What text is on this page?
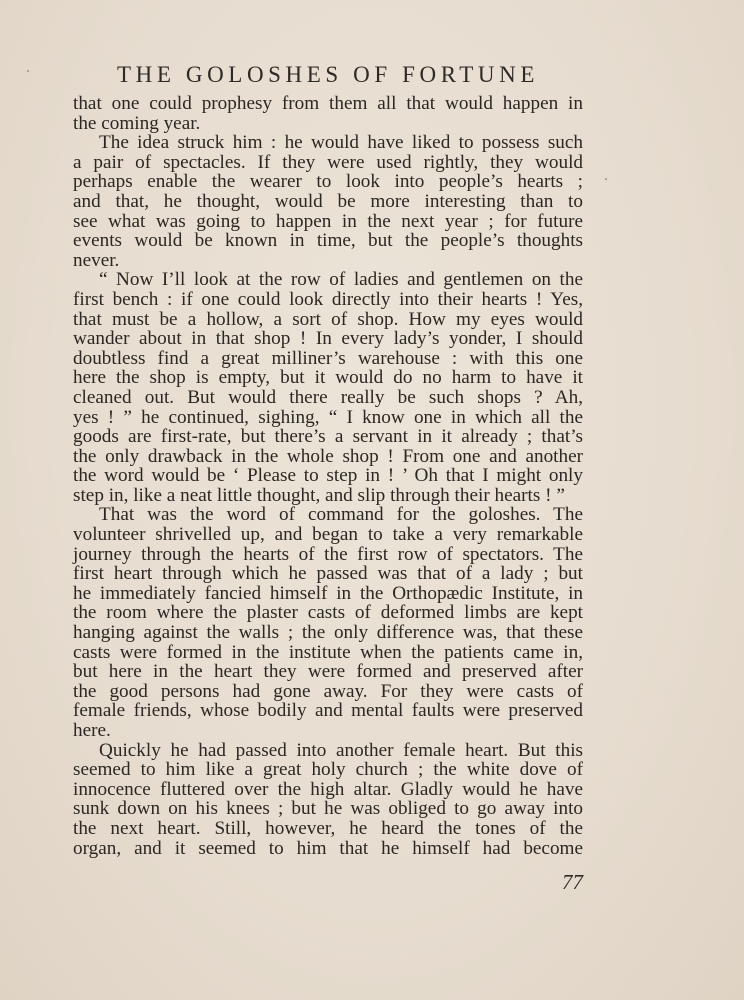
THE GOLOSHES OF FORTUNE
that one could prophesy from them all that would happen in
the coming year.
The idea struck him : he would have liked to possess such
a pair of spectacles. If they were used rightly, they would
perhaps enable the wearer to look into people’s hearts ;
and that, he thought, would be more interesting than to
see what was going to happen in the next year ; for future
events would be known in time, but the people’s thoughts
never.
“ Now I’ll look at the row of ladies and gentlemen on the
first bench : if one could look directly into their hearts ! Yes,
that must be a hollow, a sort of shop. How my eyes would
wander about in that shop ! In every lady’s yonder, I should
doubtless find a great milliner’s warehouse : with this one
here the shop is empty, but it would do no harm to have it
cleaned out. But would there really be such shops ? Ah,
yes ! ” he continued, sighing, “ I know one in which all the
goods are first-rate, but there’s a servant in it already ; that’s
the only drawback in the whole shop ! From one and another
the word would be ‘ Please to step in ! ’ Oh that I might only
step in, like a neat little thought, and slip through their hearts ! ”
That was the word of command for the goloshes. The
volunteer shrivelled up, and began to take a very remarkable
journey through the hearts of the first row of spectators. The
first heart through which he passed was that of a lady ; but
he immediately fancied himself in the Orthopædic Institute, in
the room where the plaster casts of deformed limbs are kept
hanging against the walls ; the only difference was, that these
casts were formed in the institute when the patients came in,
but here in the heart they were formed and preserved after
the good persons had gone away. For they were casts of
female friends, whose bodily and mental faults were preserved
here.
Quickly he had passed into another female heart. But this
seemed to him like a great holy church ; the white dove of
innocence fluttered over the high altar. Gladly would he have
sunk down on his knees ; but he was obliged to go away into
the next heart. Still, however, he heard the tones of the
organ, and it seemed to him that he himself had become
77
